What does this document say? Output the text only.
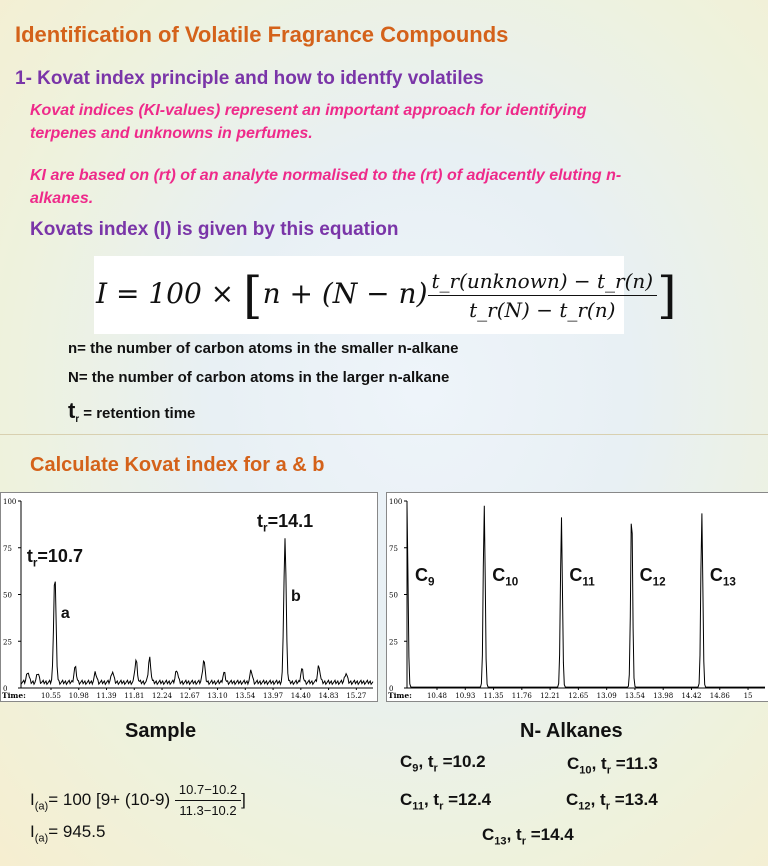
Identification of Volatile Fragrance Compounds
1- Kovat index principle and how to identfy volatiles
Kovat indices (KI-values) represent an important approach for identifying terpenes and unknowns in perfumes.
KI are based on (rt) of an analyte normalised to the (rt) of adjacently eluting n-alkanes.
Kovats index (I) is given by this equation
$I = 100 \times [n + (N - n) \frac{\text{t\_r(unknown) − t\_r(n)}}{t\_r(N) - t\_r(n)}$ ]
n= the number of carbon atoms in the smaller n-alkane
N= the number of carbon atoms in the larger n-alkane
$t_r$ = retention time
Calculate Kovat index for a & b
100
75
50
25
0
Time: 10.55 10.98 11.39 11.81 12.24 12.67 13.10 13.54 13.97 14.40 14.83 15.27
a
$t_r=10.7$
b
$t_r=14.1$
100
75
50
25
0
Time: 10.48 10.93 11.35 11.76 12.21 12.65 13.09 13.54 13.98 14.42 14.86 15
$C_9$	$C_{10}$	$C_{11}$ $C_{12}$ $C_{13}$
Sample	N- Alkanes
$I_{(a)}= 100$ [$9+ (10-9) \frac{10.7-10.2}{11.3-10.2}$ ]
$I_{(a)}= 945.5$
$C_9$, $t_r =10.2$	$C_{10}$, $t_r =11.3$
$C_{11}$, $t_r =12.4$	$C_{12}$, $t_r =13.4$
$C_{13}$, $t_r =14.4$
